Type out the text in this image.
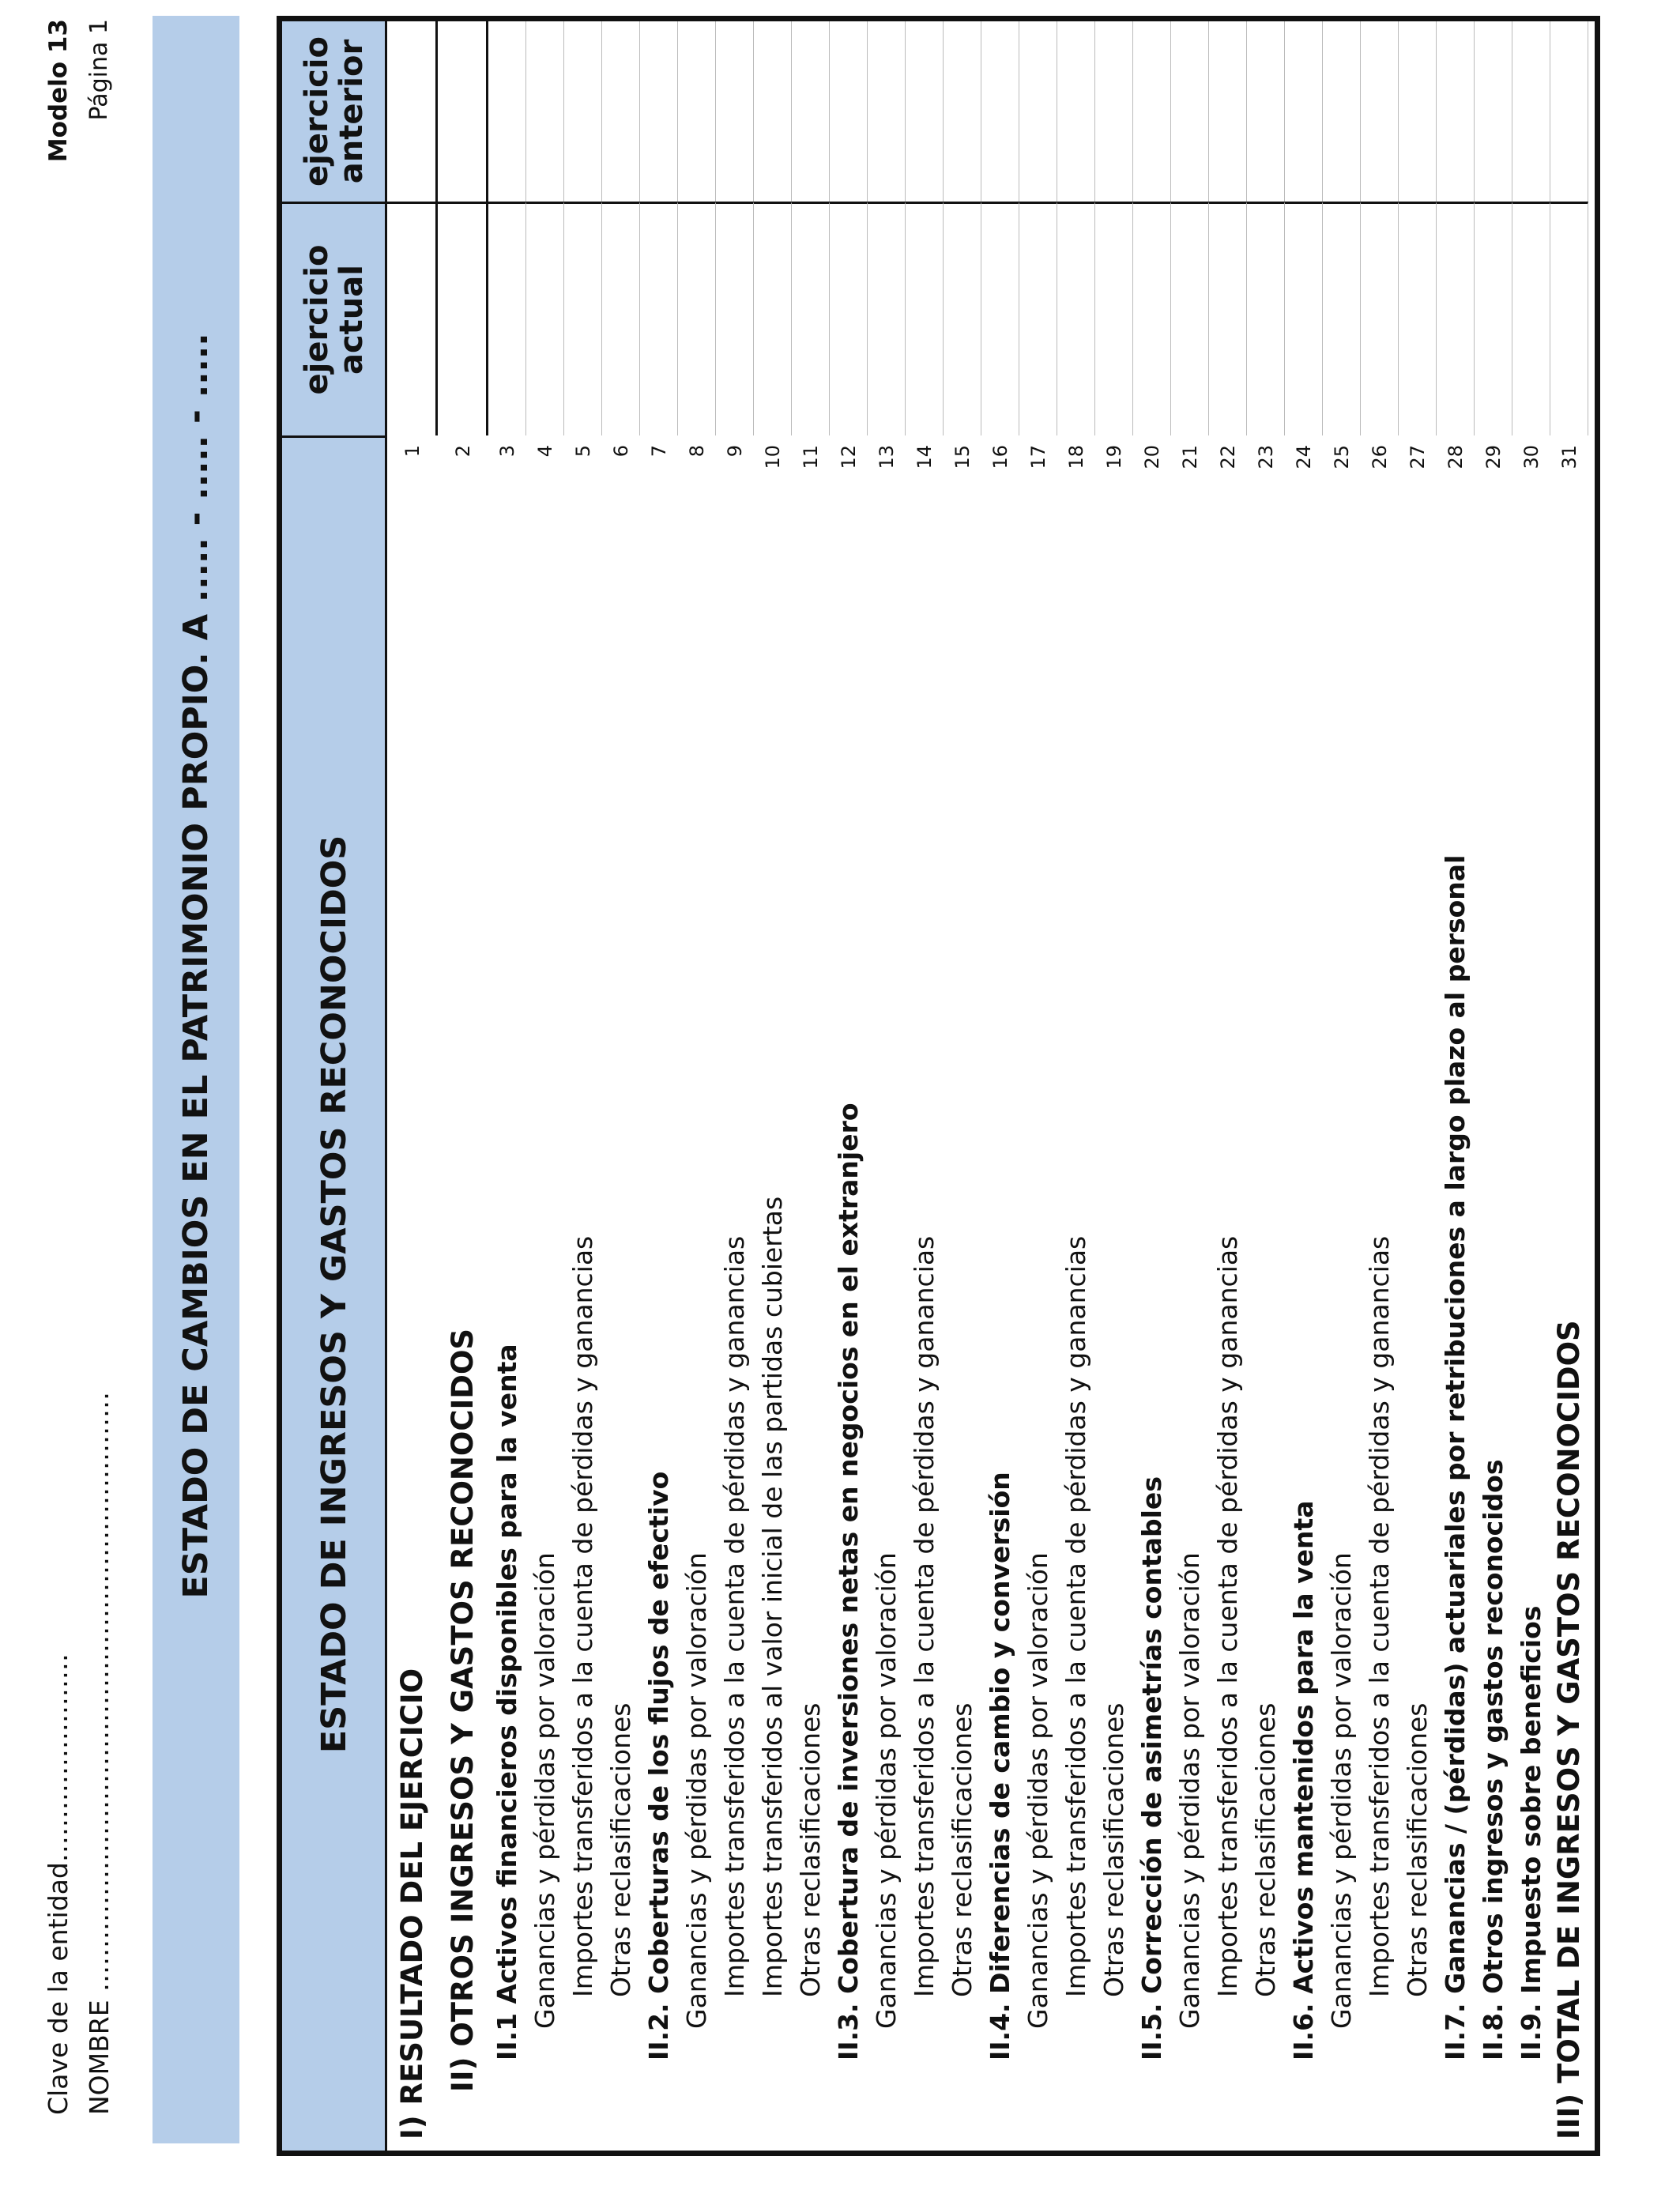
Clave de la entidad…………………… NOMBRE ……………………………………………………………
Modelo 13 Página 1
ESTADO DE CAMBIOS EN EL PATRIMONIO PROPIO. A ..... - ..... - .....	ESTADO DE INGRESOS Y GASTOS RECONOCIDOS
ejercicio
actual
ejercicio
anterior
I) RESULTADO DEL EJERCICIO
1
II) OTROS INGRESOS Y GASTOS RECONOCIDOS
2
II.1 Activos financieros disponibles para la venta
3
Ganancias y pérdidas por valoración
4
Importes transferidos a la cuenta de pérdidas y ganancias
5
Otras reclasificaciones
6
II.2. Coberturas de los flujos de efectivo
7
Ganancias y pérdidas por valoración
8
Importes transferidos a la cuenta de pérdidas y ganancias
9
Importes transferidos al valor inicial de las partidas cubiertas
10
Otras reclasificaciones
11
II.3. Cobertura de inversiones netas en negocios en el extranjero
12
Ganancias y pérdidas por valoración
13
Importes transferidos a la cuenta de pérdidas y ganancias
14
Otras reclasificaciones
15
II.4. Diferencias de cambio y conversión
16
Ganancias y pérdidas por valoración
17
Importes transferidos a la cuenta de pérdidas y ganancias
18
Otras reclasificaciones
19
II.5. Corrección de asimetrías contables
20
Ganancias y pérdidas por valoración
21
Importes transferidos a la cuenta de pérdidas y ganancias
22
Otras reclasificaciones
23
II.6. Activos mantenidos para la venta
24
Ganancias y pérdidas por valoración
25
Importes transferidos a la cuenta de pérdidas y ganancias
26
Otras reclasificaciones
27
II.7. Ganancias / (pérdidas) actuariales por retribuciones a largo plazo al personal
28
II.8. Otros ingresos y gastos reconocidos
29
II.9. Impuesto sobre beneficios
30
III) TOTAL DE INGRESOS Y GASTOS RECONOCIDOS
31
